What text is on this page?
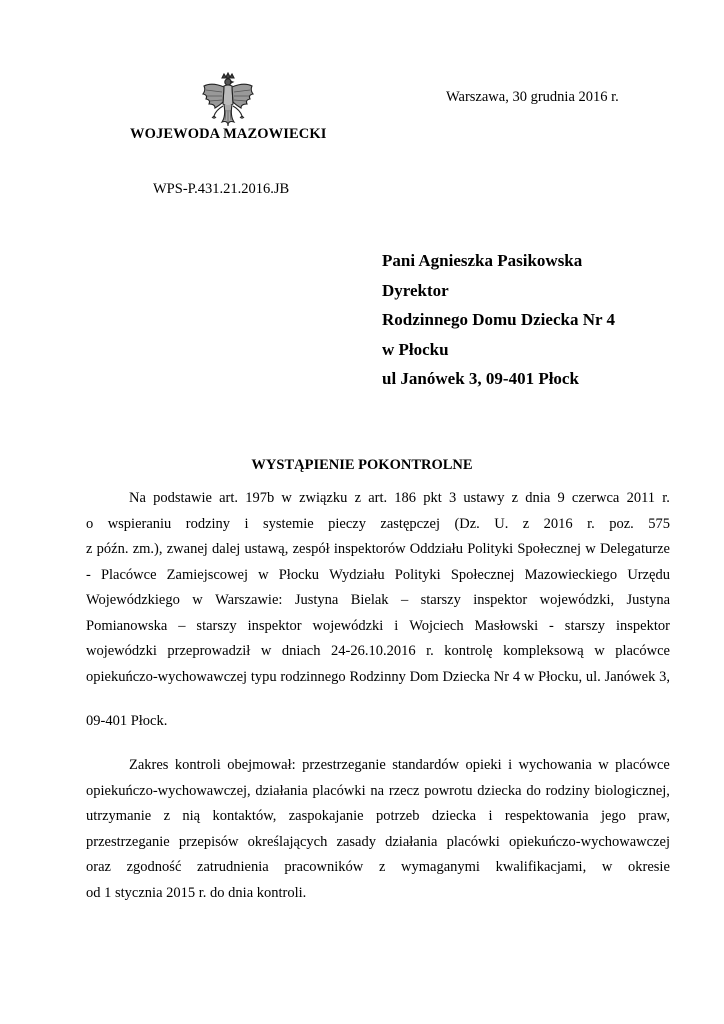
WOJEWODA MAZOWIECKI
Warszawa, 30 grudnia 2016 r.
WPS-P.431.21.2016.JB
Pani Agnieszka Pasikowska
Dyrektor
Rodzinnego Domu Dziecka Nr 4
w Płocku
ul Janówek 3, 09-401 Płock
WYSTĄPIENIE POKONTROLNE
Na podstawie art. 197b w związku z art. 186 pkt 3 ustawy z dnia 9 czerwca 2011 r.
o wspieraniu rodziny i systemie pieczy zastępczej (Dz. U. z 2016 r. poz. 575
z późn. zm.), zwanej dalej ustawą, zespół inspektorów Oddziału Polityki Społecznej w Delegaturze
- Placówce Zamiejscowej w Płocku Wydziału Polityki Społecznej Mazowieckiego Urzędu
Wojewódzkiego w Warszawie: Justyna Bielak – starszy inspektor wojewódzki, Justyna
Pomianowska – starszy inspektor wojewódzki i Wojciech Masłowski - starszy inspektor
wojewódzki przeprowadził w dniach 24-26.10.2016 r. kontrolę kompleksową w placówce
opiekuńczo-wychowawczej typu rodzinnego Rodzinny Dom Dziecka Nr 4 w Płocku, ul. Janówek 3,
09-401 Płock.
Zakres kontroli obejmował: przestrzeganie standardów opieki i wychowania w placówce
opiekuńczo-wychowawczej, działania placówki na rzecz powrotu dziecka do rodziny biologicznej,
utrzymanie z nią kontaktów, zaspokajanie potrzeb dziecka i respektowania jego praw,
przestrzeganie przepisów określających zasady działania placówki opiekuńczo-wychowawczej
oraz zgodność zatrudnienia pracowników z wymaganymi kwalifikacjami, w okresie
od 1 stycznia 2015 r. do dnia kontroli.
